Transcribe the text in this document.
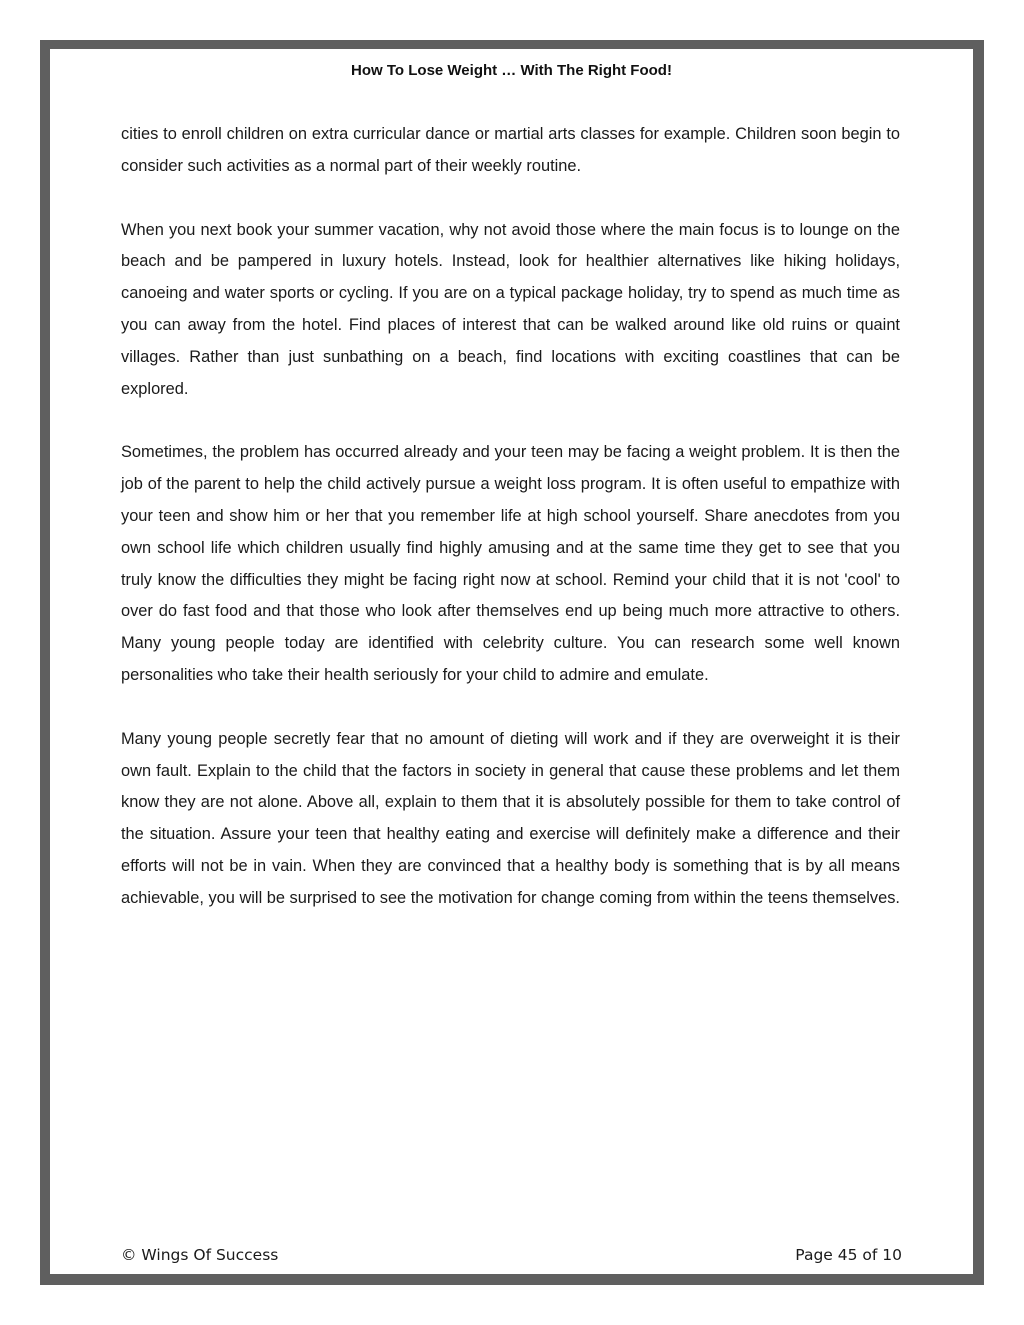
How To Lose Weight … With The Right Food!

cities to enroll children on extra curricular dance or martial arts classes for example. Children soon begin to consider such activities as a normal part of their weekly routine.

When you next book your summer vacation, why not avoid those where the main focus is to lounge on the beach and be pampered in luxury hotels. Instead, look for healthier alternatives like hiking holidays, canoeing and water sports or cycling. If you are on a typical package holiday, try to spend as much time as you can away from the hotel. Find places of interest that can be walked around like old ruins or quaint villages. Rather than just sunbathing on a beach, find locations with exciting coastlines that can be explored.

Sometimes, the problem has occurred already and your teen may be facing a weight problem. It is then the job of the parent to help the child actively pursue a weight loss program. It is often useful to empathize with your teen and show him or her that you remember life at high school yourself. Share anecdotes from you own school life which children usually find highly amusing and at the same time they get to see that you truly know the difficulties they might be facing right now at school. Remind your child that it is not 'cool' to over do fast food and that those who look after themselves end up being much more attractive to others. Many young people today are identified with celebrity culture. You can research some well known personalities who take their health seriously for your child to admire and emulate.

Many young people secretly fear that no amount of dieting will work and if they are overweight it is their own fault. Explain to the child that the factors in society in general that cause these problems and let them know they are not alone. Above all, explain to them that it is absolutely possible for them to take control of the situation. Assure your teen that healthy eating and exercise will definitely make a difference and their efforts will not be in vain. When they are convinced that a healthy body is something that is by all means achievable, you will be surprised to see the motivation for change coming from within the teens themselves.

© Wings Of Success	Page 45 of 10
